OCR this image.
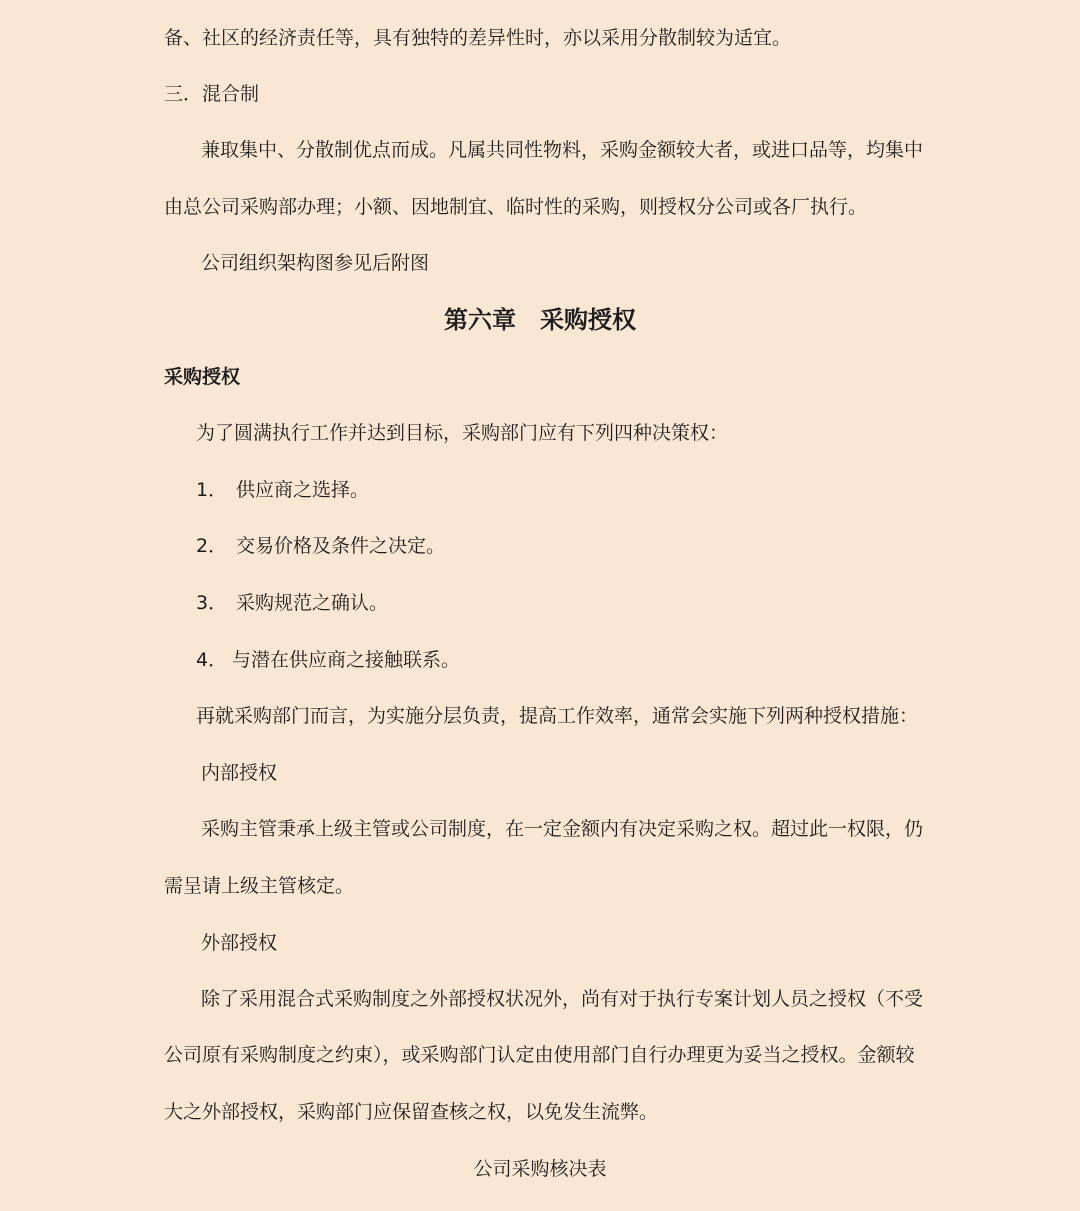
备、社区的经济责任等，具有独特的差异性时，亦以采用分散制较为适宜。

三．混合制

兼取集中、分散制优点而成。凡属共同性物料，采购金额较大者，或进口品等，均集中

由总公司采购部办理；小额、因地制宜、临时性的采购，则授权分公司或各厂执行。

公司组织架构图参见后附图

第六章　采购授权
采购授权

为了圆满执行工作并达到目标，采购部门应有下列四种决策权：

1． 供应商之选择。
2． 交易价格及条件之决定。
3． 采购规范之确认。
4． 与潜在供应商之接触联系。

再就采购部门而言，为实施分层负责，提高工作效率，通常会实施下列两种授权措施：

内部授权

采购主管秉承上级主管或公司制度，在一定金额内有决定采购之权。超过此一权限，仍

需呈请上级主管核定。

外部授权

除了采用混合式采购制度之外部授权状况外，尚有对于执行专案计划人员之授权（不受

公司原有采购制度之约束），或采购部门认定由使用部门自行办理更为妥当之授权。金额较

大之外部授权，采购部门应保留查核之权，以免发生流弊。

公司采购核决表
